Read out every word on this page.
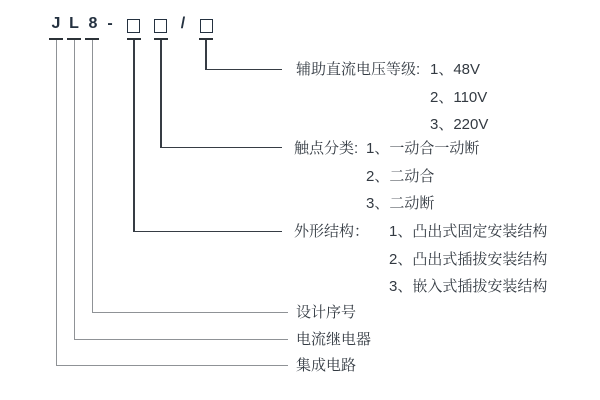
J L 8 -	/
辅助直流电压等级: 1、48V
2、110V
3、220V
触点分类: 1、一动合一动断
2、二动合
3、二动断
外形结构： 1、凸出式固定安装结构
2、凸出式插拔安装结构
3、嵌入式插拔安装结构
设计序号
电流继电器
集成电路
